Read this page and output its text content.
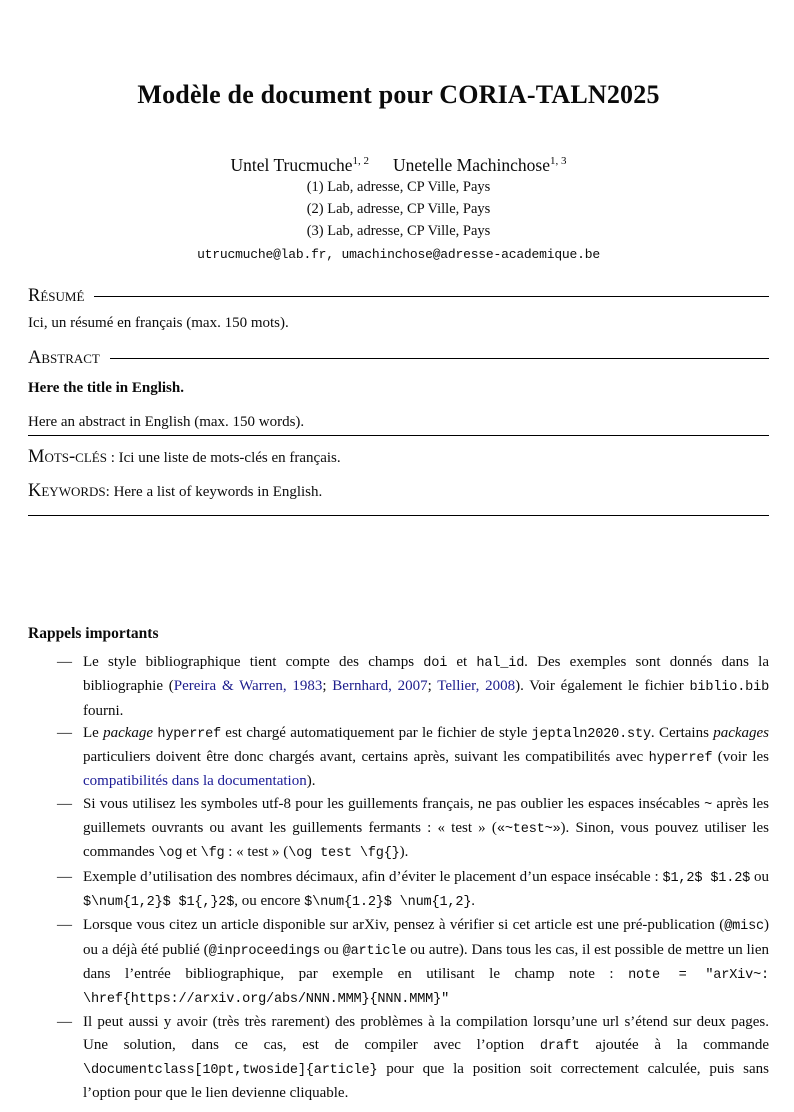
Modèle de document pour CORIA-TALN2025
Untel Trucmuche$^{1, 2}$ Unetelle Machinchose$^{1, 3}$
(1) Lab, adresse, CP Ville, Pays
(2) Lab, adresse, CP Ville, Pays
(3) Lab, adresse, CP Ville, Pays
utrucmuche@lab.fr, umachinchose@adresse-academique.be
Résumé

Ici, un résumé en français (max. 150 mots).

Abstract

Here the title in English.

Here an abstract in English (max. 150 words).

Mots-clés : Ici une liste de mots-clés en français.
Keywords: Here a list of keywords in English.
Rappels importants
— Le style bibliographique tient compte des champs doi et hal_id. Des exemples sont donnés dans la bibliographie (Pereira & Warren, 1983; Bernhard, 2007; Tellier, 2008). Voir également le fichier biblio.bib fourni.
— Le package hyperref est chargé automatiquement par le fichier de style jeptaln2020.sty. Certains packages particuliers doivent être donc chargés avant, certains après, suivant les compatibilités avec hyperref (voir les compatibilités dans la documentation).
— Si vous utilisez les symboles utf-8 pour les guillements français, ne pas oublier les espaces insécables ~ après les guillemets ouvrants ou avant les guillements fermants : « test » («~test~»). Sinon, vous pouvez utiliser les commandes \og et \fg : « test » (\og test \fg{}).
— Exemple d’utilisation des nombres décimaux, afin d’éviter le placement d’un espace insécable : $1,2$ $1.2$ ou $\num{1,2}$ $1{,}2$, ou encore $\num{1.2}$ \num{1,2}.
— Lorsque vous citez un article disponible sur arXiv, pensez à vérifier si cet article est une pré-publication (@misc) ou a déjà été publié (@inproceedings ou @article ou autre). Dans tous les cas, il est possible de mettre un lien dans l’entrée bibliographique, par exemple en utilisant le champ note : note = "arXiv~: \href{https://arxiv.org/abs/NNN.MMM}{NNN.MMM}"
— Il peut aussi y avoir (très très rarement) des problèmes à la compilation lorsqu’une url s’étend sur deux pages. Une solution, dans ce cas, est de compiler avec l’option draft ajoutée à la commande \documentclass[10pt,twoside]{article} pour que la position soit correctement calculée, puis sans l’option pour que le lien devienne cliquable.
